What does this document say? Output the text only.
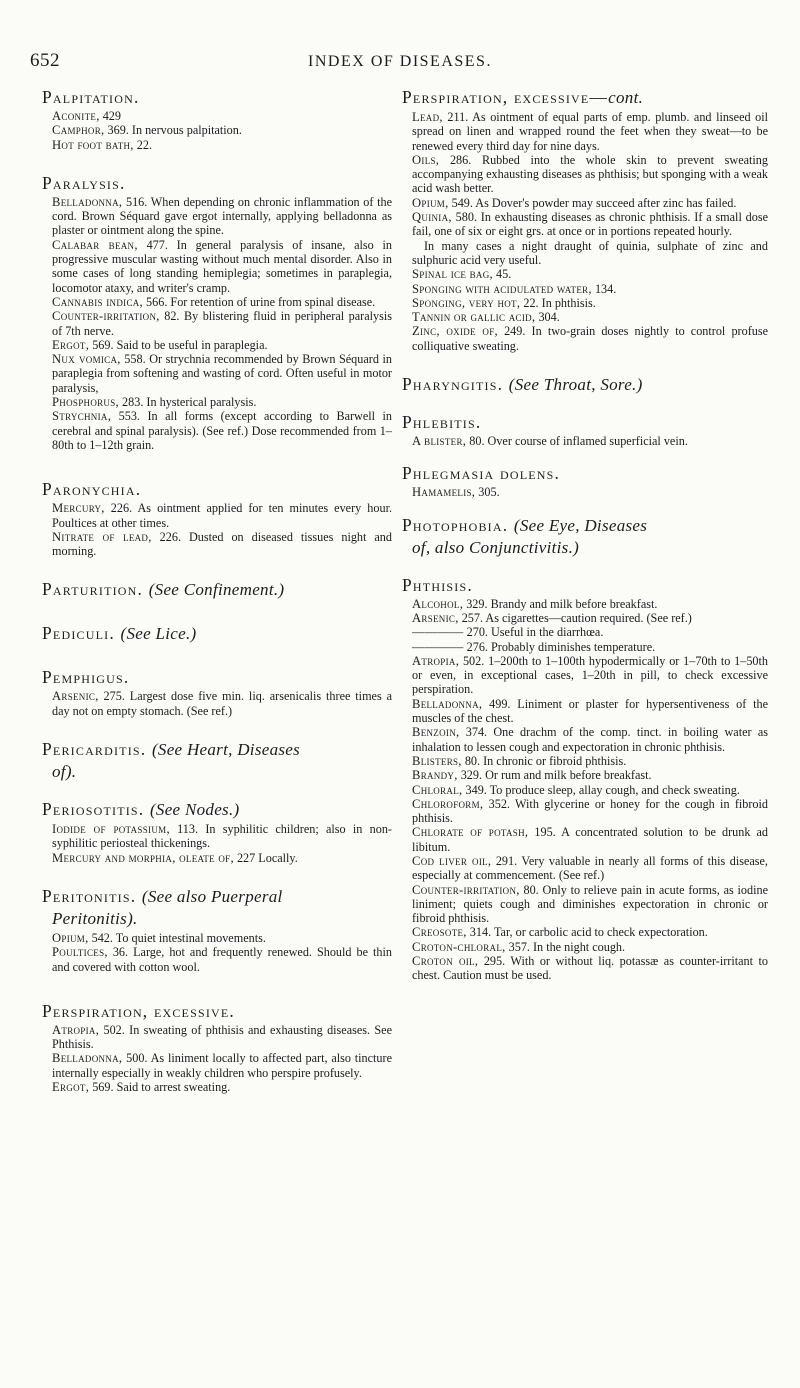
652	INDEX OF DISEASES.
Palpitation.

Aconite, 429

Camphor, 369. In nervous palpitation.

Hot foot bath, 22.

Paralysis.

Belladonna, 516. When depending on chronic inflammation of the cord. Brown Séquard gave ergot internally, applying belladonna as plaster or ointment along the spine.

Calabar bean, 477. In general paralysis of insane, also in progressive muscular wasting without much mental disorder. Also in some cases of long standing hemiplegia; sometimes in paraplegia, locomotor ataxy, and writer's cramp.

Cannabis indica, 566. For retention of urine from spinal disease.

Counter-irritation, 82. By blistering fluid in peripheral paralysis of 7th nerve.

Ergot, 569. Said to be useful in paraplegia.

Nux vomica, 558. Or strychnia recommended by Brown Séquard in paraplegia from softening and wasting of cord. Often useful in motor paralysis,

Phosphorus, 283. In hysterical paralysis.

Strychnia, 553. In all forms (except according to Barwell in cerebral and spinal paralysis). (See ref.) Dose recommended from 1–80th to 1–12th grain.

Paronychia.

Mercury, 226. As ointment applied for ten minutes every hour. Poultices at other times.

Nitrate of lead, 226. Dusted on diseased tissues night and morning.

Parturition. (See Confinement.)
Pediculi. (See Lice.)
Pemphigus.

Arsenic, 275. Largest dose five min. liq. arsenicalis three times a day not on empty stomach. (See ref.)

Pericarditis. (See Heart, Diseases
of).
Periosotitis. (See Nodes.)

Iodide of potassium, 113. In syphilitic children; also in non-syphilitic periosteal thickenings.

Mercury and morphia, oleate of, 227 Locally.

Peritonitis. (See also Puerperal
Peritonitis).

Opium, 542. To quiet intestinal movements.

Poultices, 36. Large, hot and frequently renewed. Should be thin and covered with cotton wool.

Perspiration, excessive.

Atropia, 502. In sweating of phthisis and exhausting diseases. See Phthisis.

Belladonna, 500. As liniment locally to affected part, also tincture internally especially in weakly children who perspire profusely.

Ergot, 569. Said to arrest sweating.

Perspiration, excessive—cont.

Lead, 211. As ointment of equal parts of emp. plumb. and linseed oil spread on linen and wrapped round the feet when they sweat—to be renewed every third day for nine days.

Oils, 286. Rubbed into the whole skin to prevent sweating accompanying exhausting diseases as phthisis; but sponging with a weak acid wash better.

Opium, 549. As Dover's powder may succeed after zinc has failed.

Quinia, 580. In exhausting diseases as chronic phthisis. If a small dose fail, one of six or eight grs. at once or in portions repeated hourly.

In many cases a night draught of quinia, sulphate of zinc and sulphuric acid very useful.

Spinal ice bag, 45.

Sponging with acidulated water, 134.

Sponging, very hot, 22. In phthisis.

Tannin or gallic acid, 304.

Zinc, oxide of, 249. In two-grain doses nightly to control profuse colliquative sweating.

Pharyngitis. (See Throat, Sore.)
Phlebitis.

A blister, 80. Over course of inflamed superficial vein.

Phlegmasia dolens.

Hamamelis, 305.

Photophobia. (See Eye, Diseases
of, also Conjunctivitis.)
Phthisis.

Alcohol, 329. Brandy and milk before breakfast.

Arsenic, 257. As cigarettes—caution required. (See ref.)

———— 270. Useful in the diarrhœa.

———— 276. Probably diminishes temperature.

Atropia, 502. 1–200th to 1–100th hypodermically or 1–70th to 1–50th or even, in exceptional cases, 1–20th in pill, to check excessive perspiration.

Belladonna, 499. Liniment or plaster for hypersentiveness of the muscles of the chest.

Benzoin, 374. One drachm of the comp. tinct. in boiling water as inhalation to lessen cough and expectoration in chronic phthisis.

Blisters, 80. In chronic or fibroid phthisis.

Brandy, 329. Or rum and milk before breakfast.

Chloral, 349. To produce sleep, allay cough, and check sweating.

Chloroform, 352. With glycerine or honey for the cough in fibroid phthisis.

Chlorate of potash, 195. A concentrated solution to be drunk ad libitum.

Cod liver oil, 291. Very valuable in nearly all forms of this disease, especially at commencement. (See ref.)

Counter-irritation, 80. Only to relieve pain in acute forms, as iodine liniment; quiets cough and diminishes expectoration in chronic or fibroid phthisis.

Creosote, 314. Tar, or carbolic acid to check expectoration.

Croton-chloral, 357. In the night cough.

Croton oil, 295. With or without liq. potassæ as counter-irritant to chest. Caution must be used.
